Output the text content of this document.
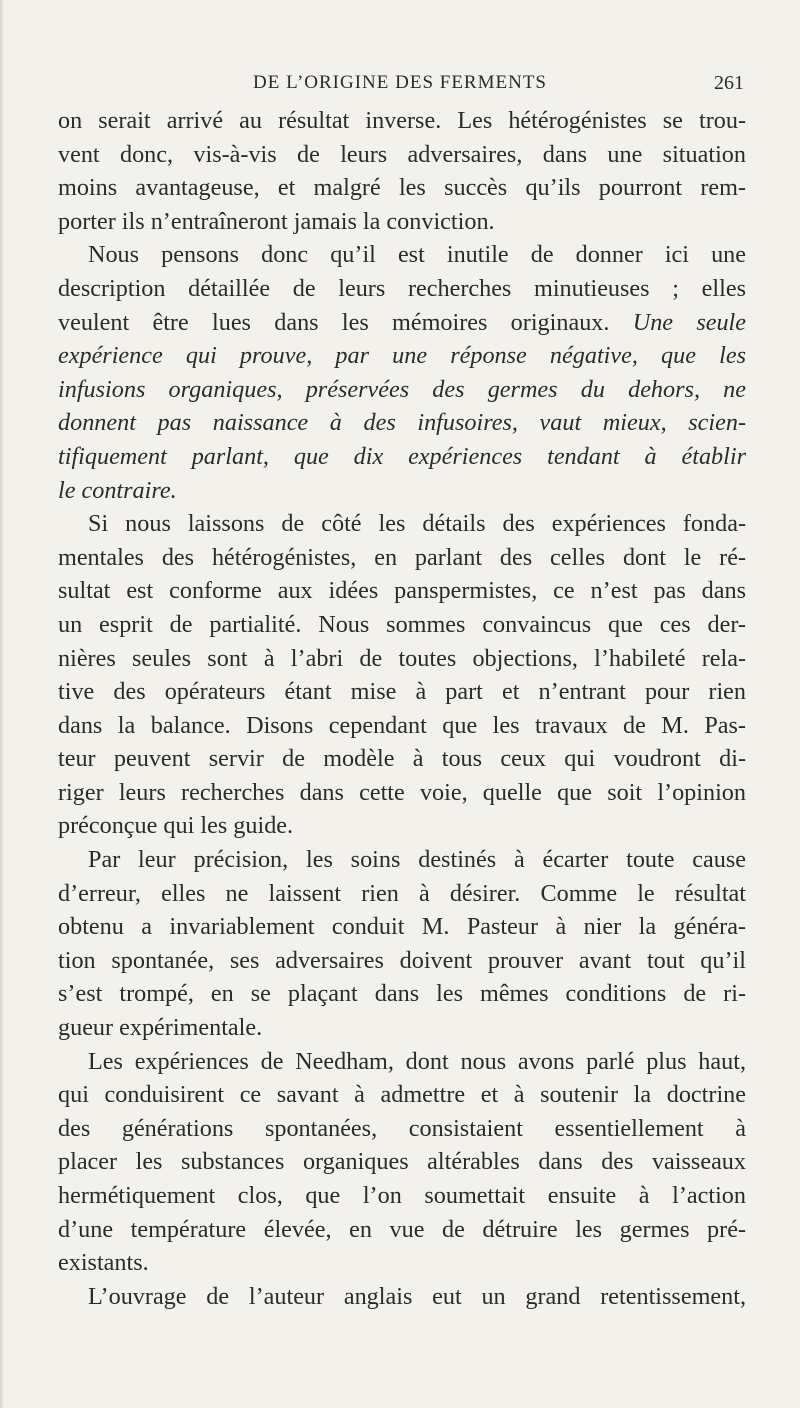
DE L’ORIGINE DES FERMENTS	261
on serait arrivé au résultat inverse. Les hétérogénistes se trou-
vent donc, vis-à-vis de leurs adversaires, dans une situation
moins avantageuse, et malgré les succès qu’ils pourront rem-
porter ils n’entraîneront jamais la conviction.
Nous pensons donc qu’il est inutile de donner ici une
description détaillée de leurs recherches minutieuses ; elles
veulent être lues dans les mémoires originaux. Une seule
expérience qui prouve, par une réponse négative, que les
infusions organiques, préservées des germes du dehors, ne
donnent pas naissance à des infusoires, vaut mieux, scien-
tifiquement parlant, que dix expériences tendant à établir
le contraire.
Si nous laissons de côté les détails des expériences fonda-
mentales des hétérogénistes, en parlant des celles dont le ré-
sultat est conforme aux idées panspermistes, ce n’est pas dans
un esprit de partialité. Nous sommes convaincus que ces der-
nières seules sont à l’abri de toutes objections, l’habileté rela-
tive des opérateurs étant mise à part et n’entrant pour rien
dans la balance. Disons cependant que les travaux de M. Pas-
teur peuvent servir de modèle à tous ceux qui voudront di-
riger leurs recherches dans cette voie, quelle que soit l’opinion
préconçue qui les guide.
Par leur précision, les soins destinés à écarter toute cause
d’erreur, elles ne laissent rien à désirer. Comme le résultat
obtenu a invariablement conduit M. Pasteur à nier la généra-
tion spontanée, ses adversaires doivent prouver avant tout qu’il
s’est trompé, en se plaçant dans les mêmes conditions de ri-
gueur expérimentale.
Les expériences de Needham, dont nous avons parlé plus haut,
qui conduisirent ce savant à admettre et à soutenir la doctrine
des générations spontanées, consistaient essentiellement à
placer les substances organiques altérables dans des vaisseaux
hermétiquement clos, que l’on soumettait ensuite à l’action
d’une température élevée, en vue de détruire les germes pré-
existants.
L’ouvrage de l’auteur anglais eut un grand retentissement,
